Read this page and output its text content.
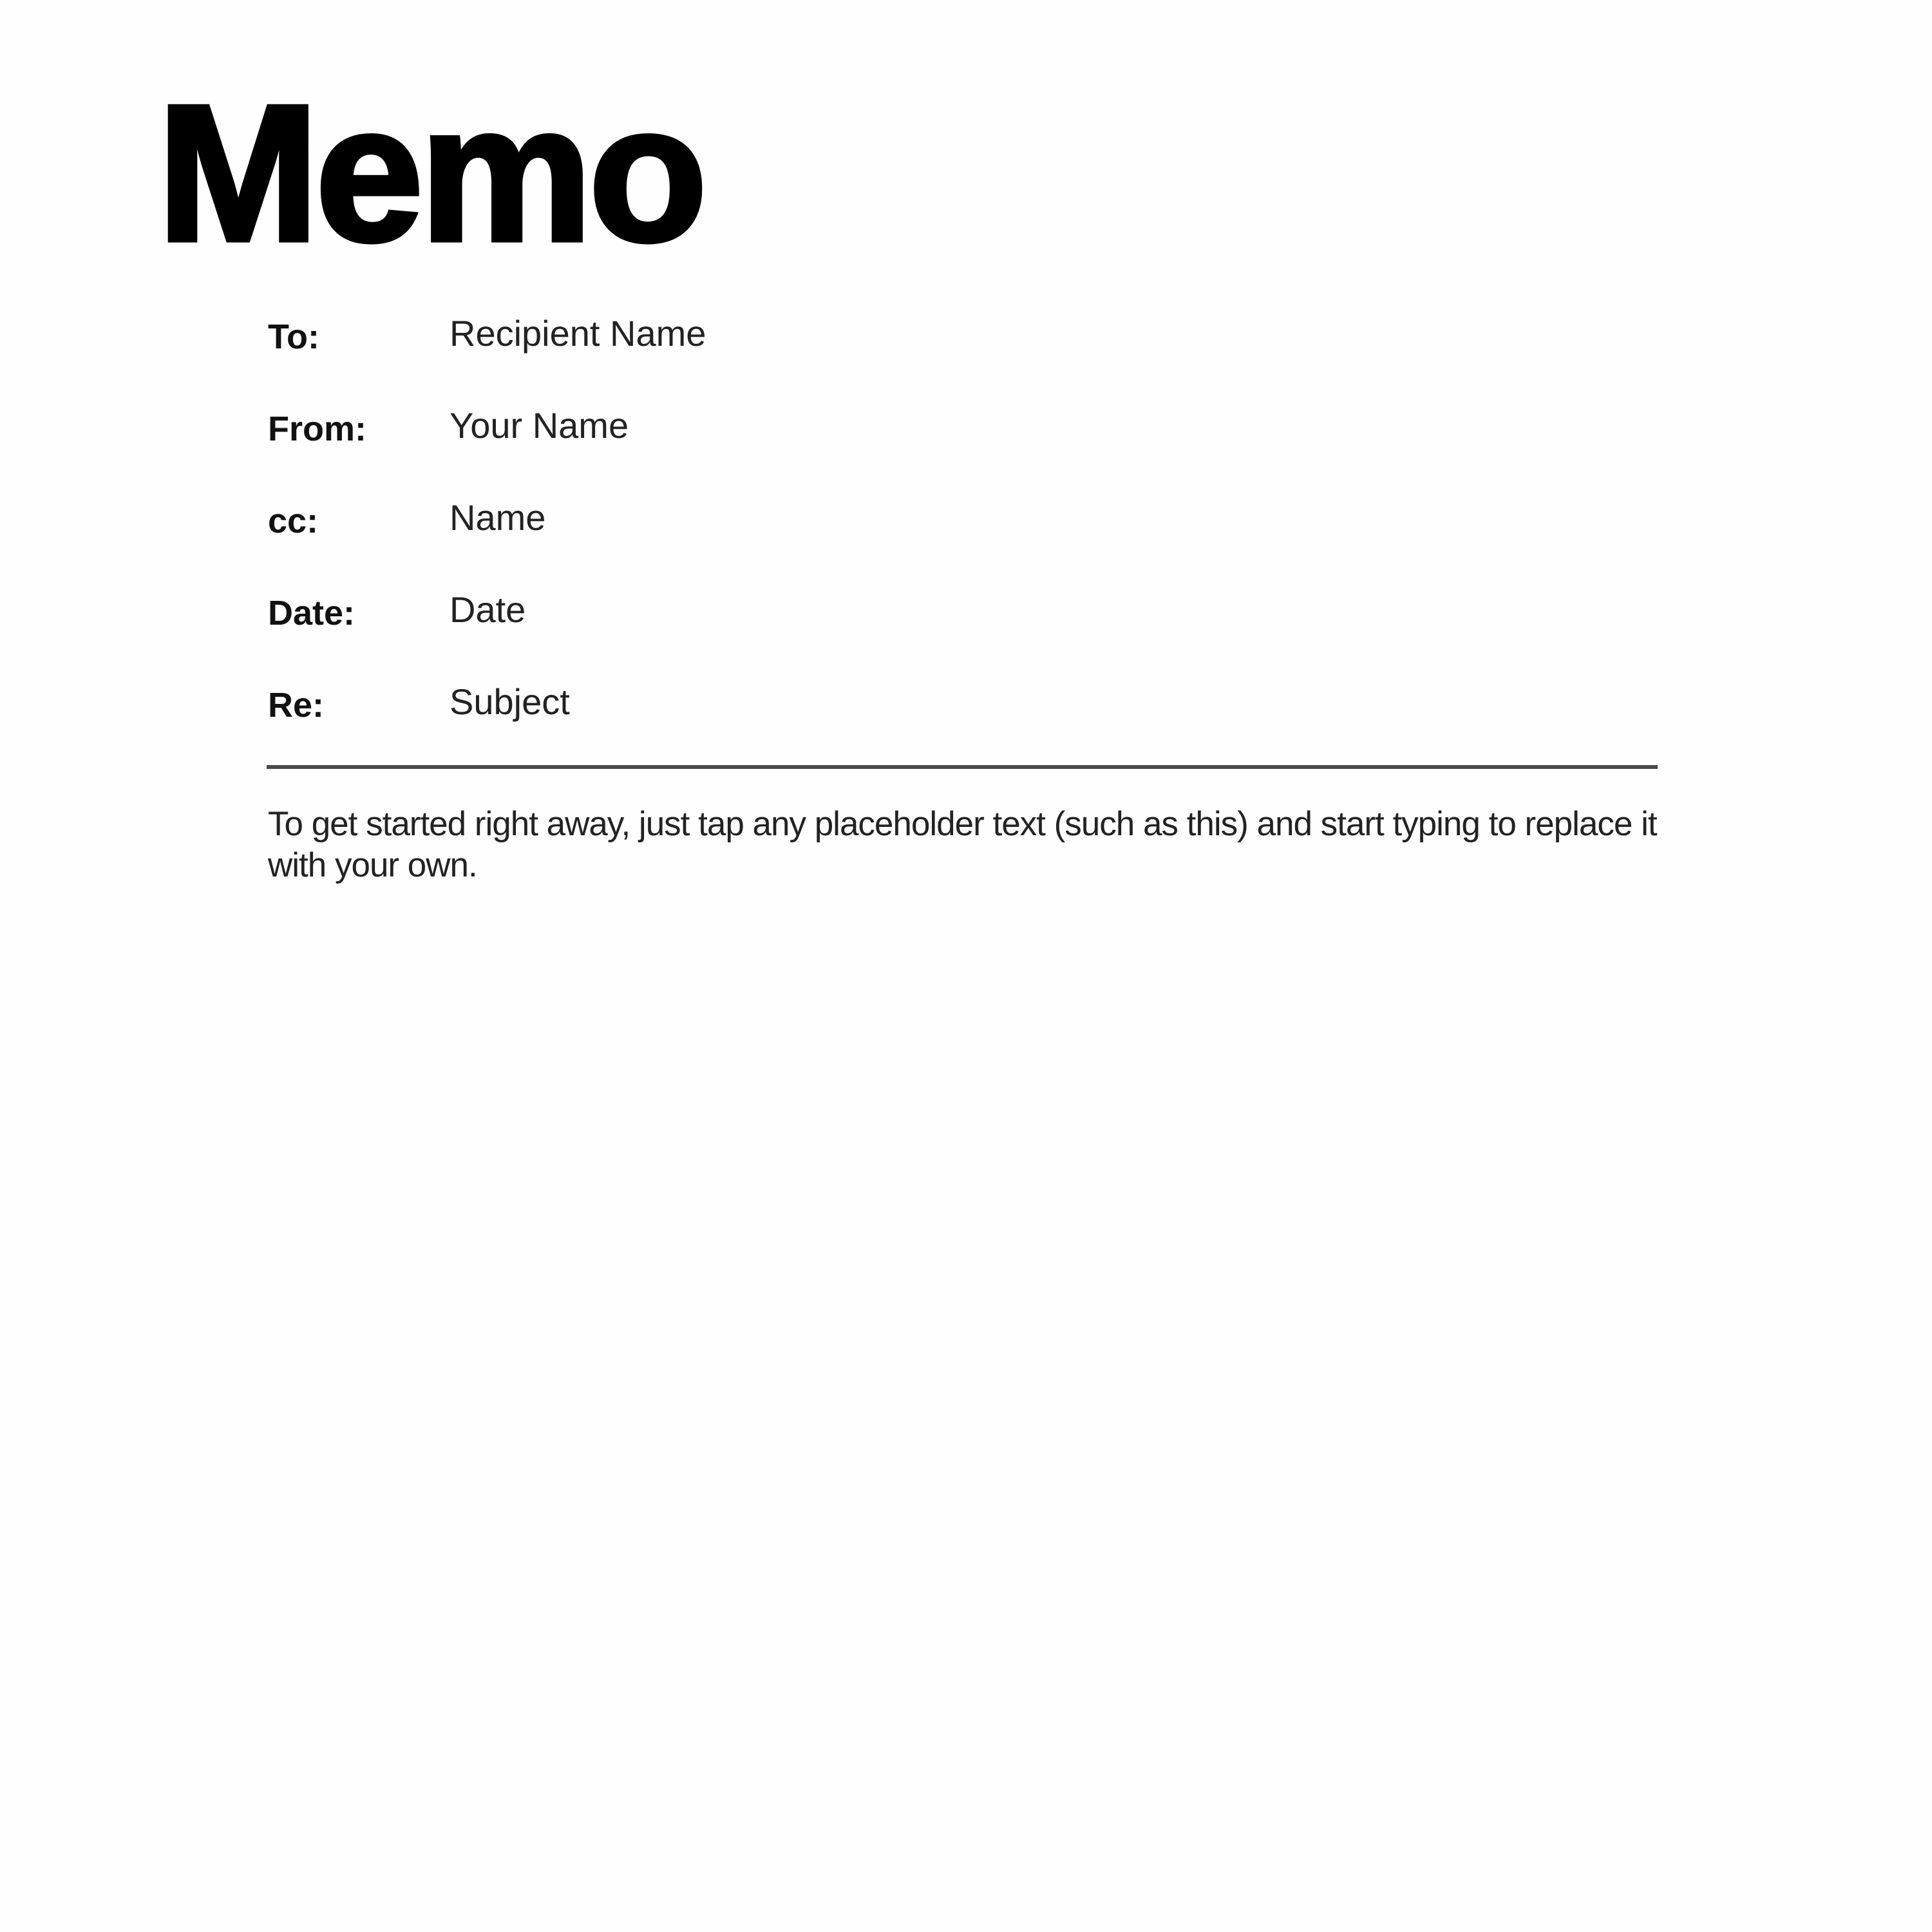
Memo
To:	Recipient Name
From: Your Name
cc:	Name
Date:	Date
Re:	Subject

To get started right away, just tap any placeholder text (such as this) and start typing to replace it with your own.
